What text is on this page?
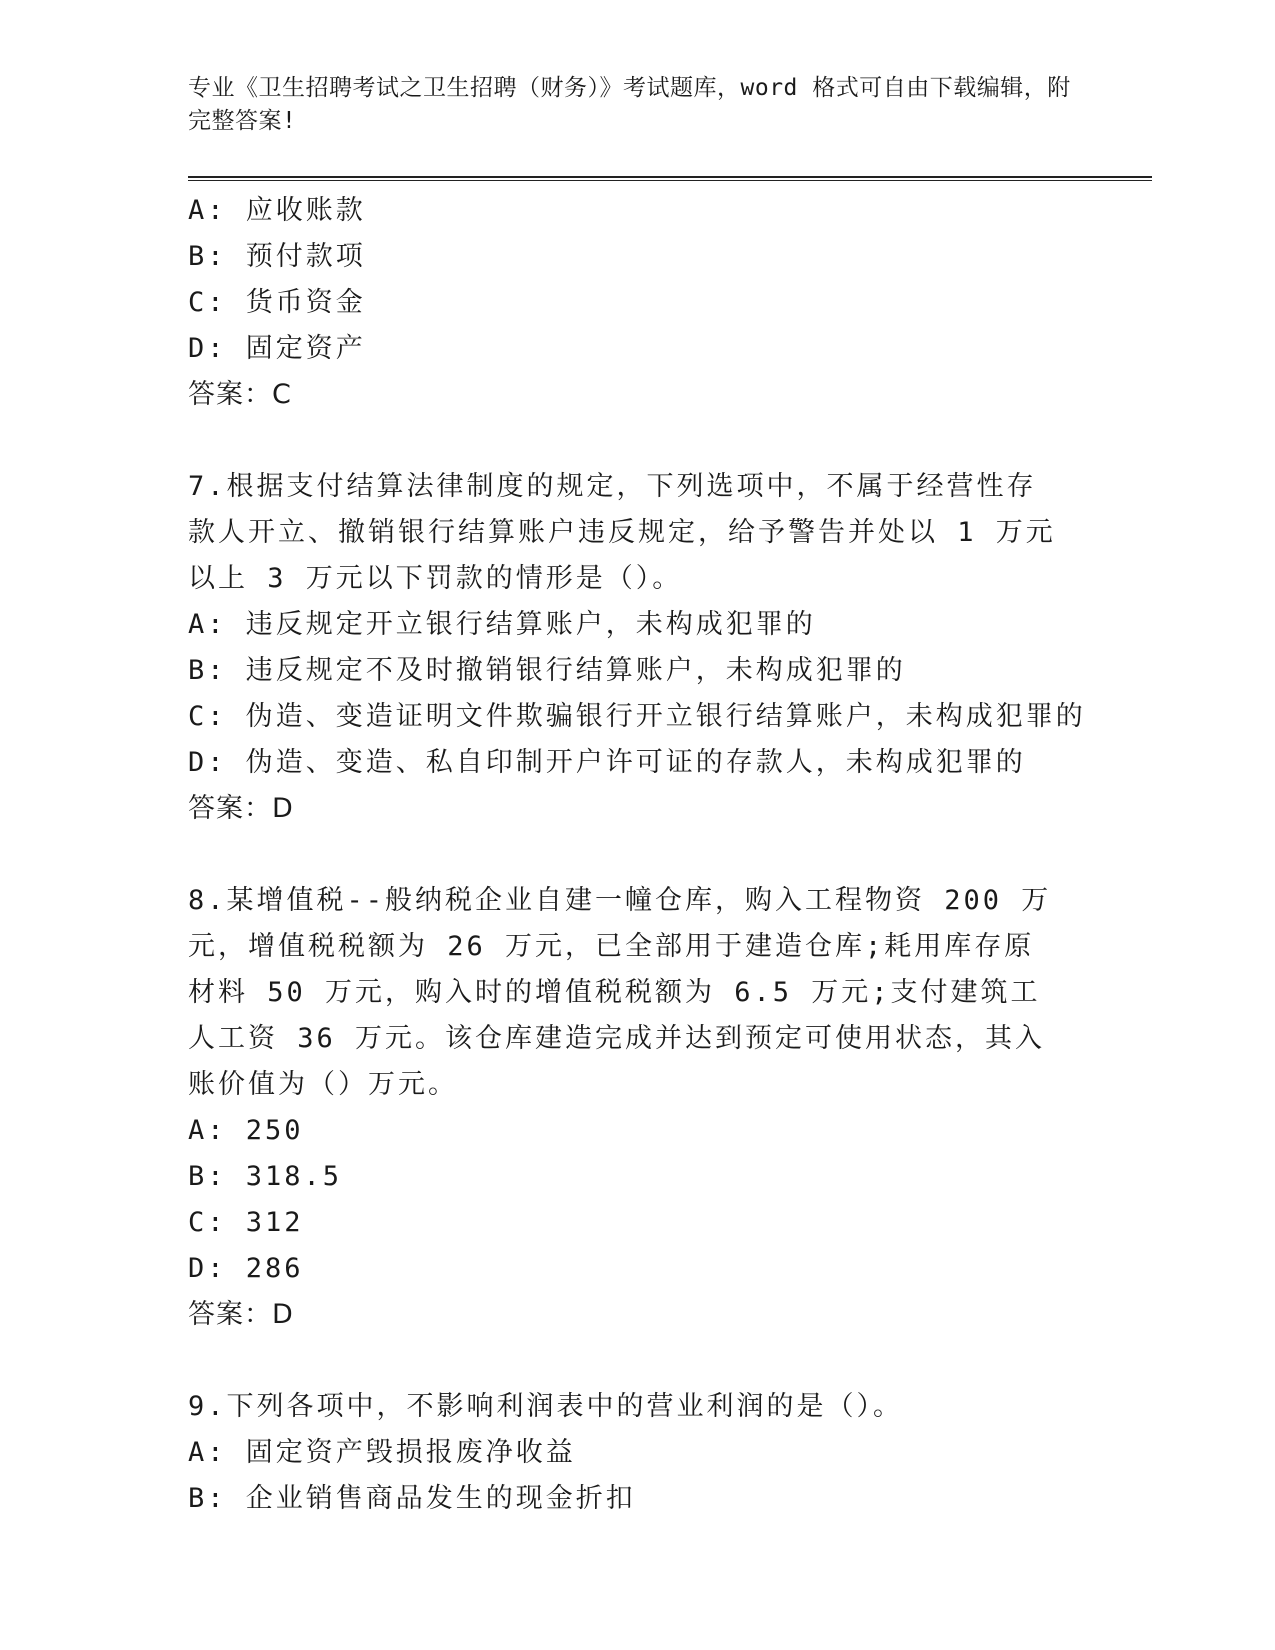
专业《卫生招聘考试之卫生招聘（财务）》考试题库，word 格式可自由下载编辑，附完整答案!
A: 应收账款
B: 预付款项
C: 货币资金
D: 固定资产
答案：C
7.根据支付结算法律制度的规定，下列选项中，不属于经营性存款人开立、撤销银行结算账户违反规定，给予警告并处以 1 万元以上 3 万元以下罚款的情形是（）。
A: 违反规定开立银行结算账户，未构成犯罪的
B: 违反规定不及时撤销银行结算账户，未构成犯罪的
C: 伪造、变造证明文件欺骗银行开立银行结算账户，未构成犯罪的
D: 伪造、变造、私自印制开户许可证的存款人，未构成犯罪的
答案：D
8.某增值税--般纳税企业自建一幢仓库，购入工程物资 200 万元，增值税税额为 26 万元，已全部用于建造仓库;耗用库存原材料 50 万元，购入时的增值税税额为 6.5 万元;支付建筑工人工资 36 万元。该仓库建造完成并达到预定可使用状态，其入账价值为（）万元。
A: 250
B: 318.5
C: 312
D: 286
答案：D
9.下列各项中，不影响利润表中的营业利润的是（）。
A: 固定资产毁损报废净收益
B: 企业销售商品发生的现金折扣
